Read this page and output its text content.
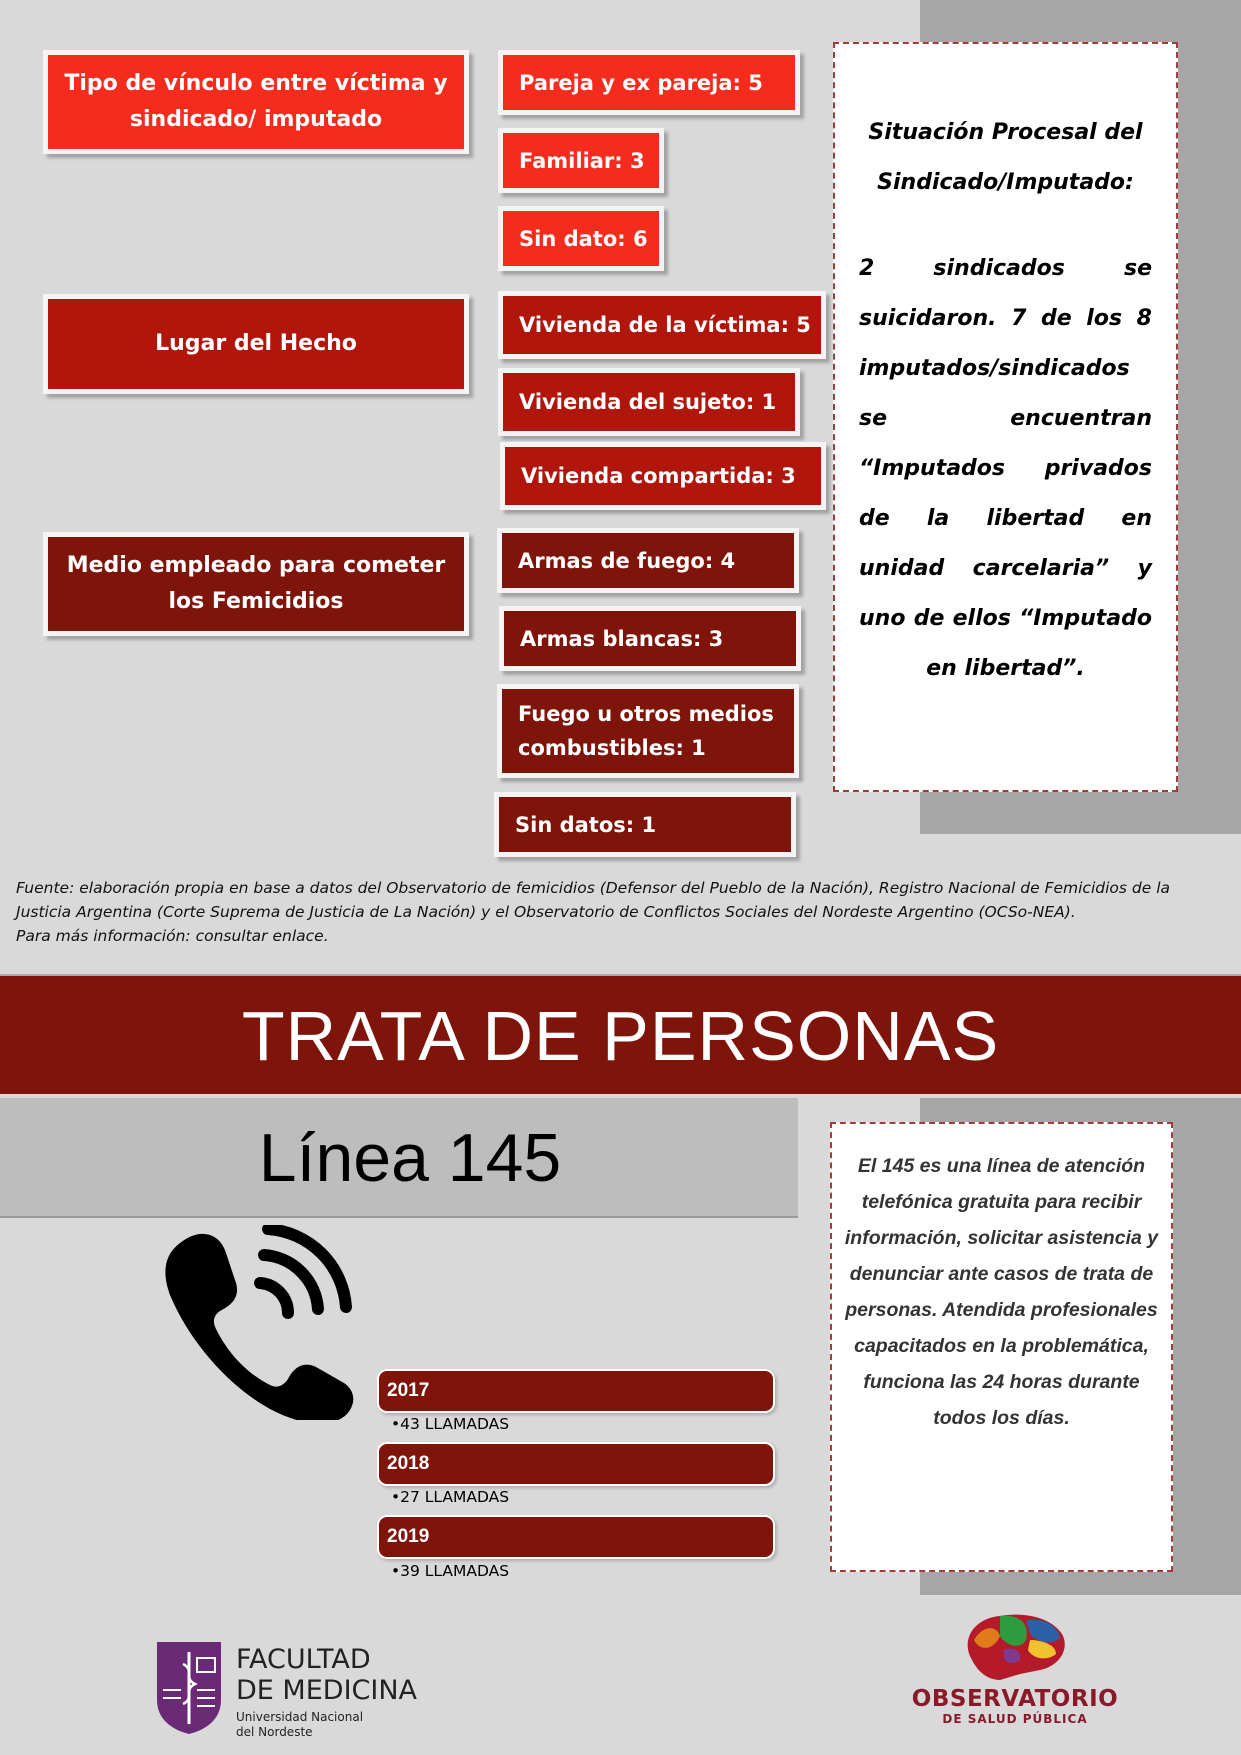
Tipo de vínculo entre víctima y sindicado/ imputado
Pareja y ex pareja: 5
Familiar: 3
Sin dato: 6
Lugar del Hecho
Vivienda de la víctima: 5
Vivienda del sujeto: 1
Vivienda compartida: 3
Medio empleado para cometer los Femicidios
Armas de fuego: 4
Armas blancas: 3
Fuego u otros medios combustibles: 1
Sin datos: 1
Situación Procesal del Sindicado/Imputado:
2 sindicados se suicidaron. 7 de los 8 imputados/sindicados se encuentran “Imputados privados de la libertad en unidad carcelaria” y uno de ellos “Imputado en libertad”.
Fuente: elaboración propia en base a datos del Observatorio de femicidios (Defensor del Pueblo de la Nación), Registro Nacional de Femicidios de la
Justicia Argentina (Corte Suprema de Justicia de La Nación) y el Observatorio de Conflictos Sociales del Nordeste Argentino (OCSo-NEA).
Para más información: consultar enlace.
TRATA DE PERSONAS
Línea 145	El 145 es una línea de atención telefónica gratuita para recibir información, solicitar asistencia y denunciar ante casos de trata de personas. Atendida profesionales capacitados en la problemática, funciona las 24 horas durante todos los días.
2017
•43 LLAMADAS
2018
•27 LLAMADAS
2019
•39 LLAMADAS
FACULTAD
DE MEDICINA
Universidad Nacional
del Nordeste
OBSERVATORIO
DE SALUD PÚBLICA
